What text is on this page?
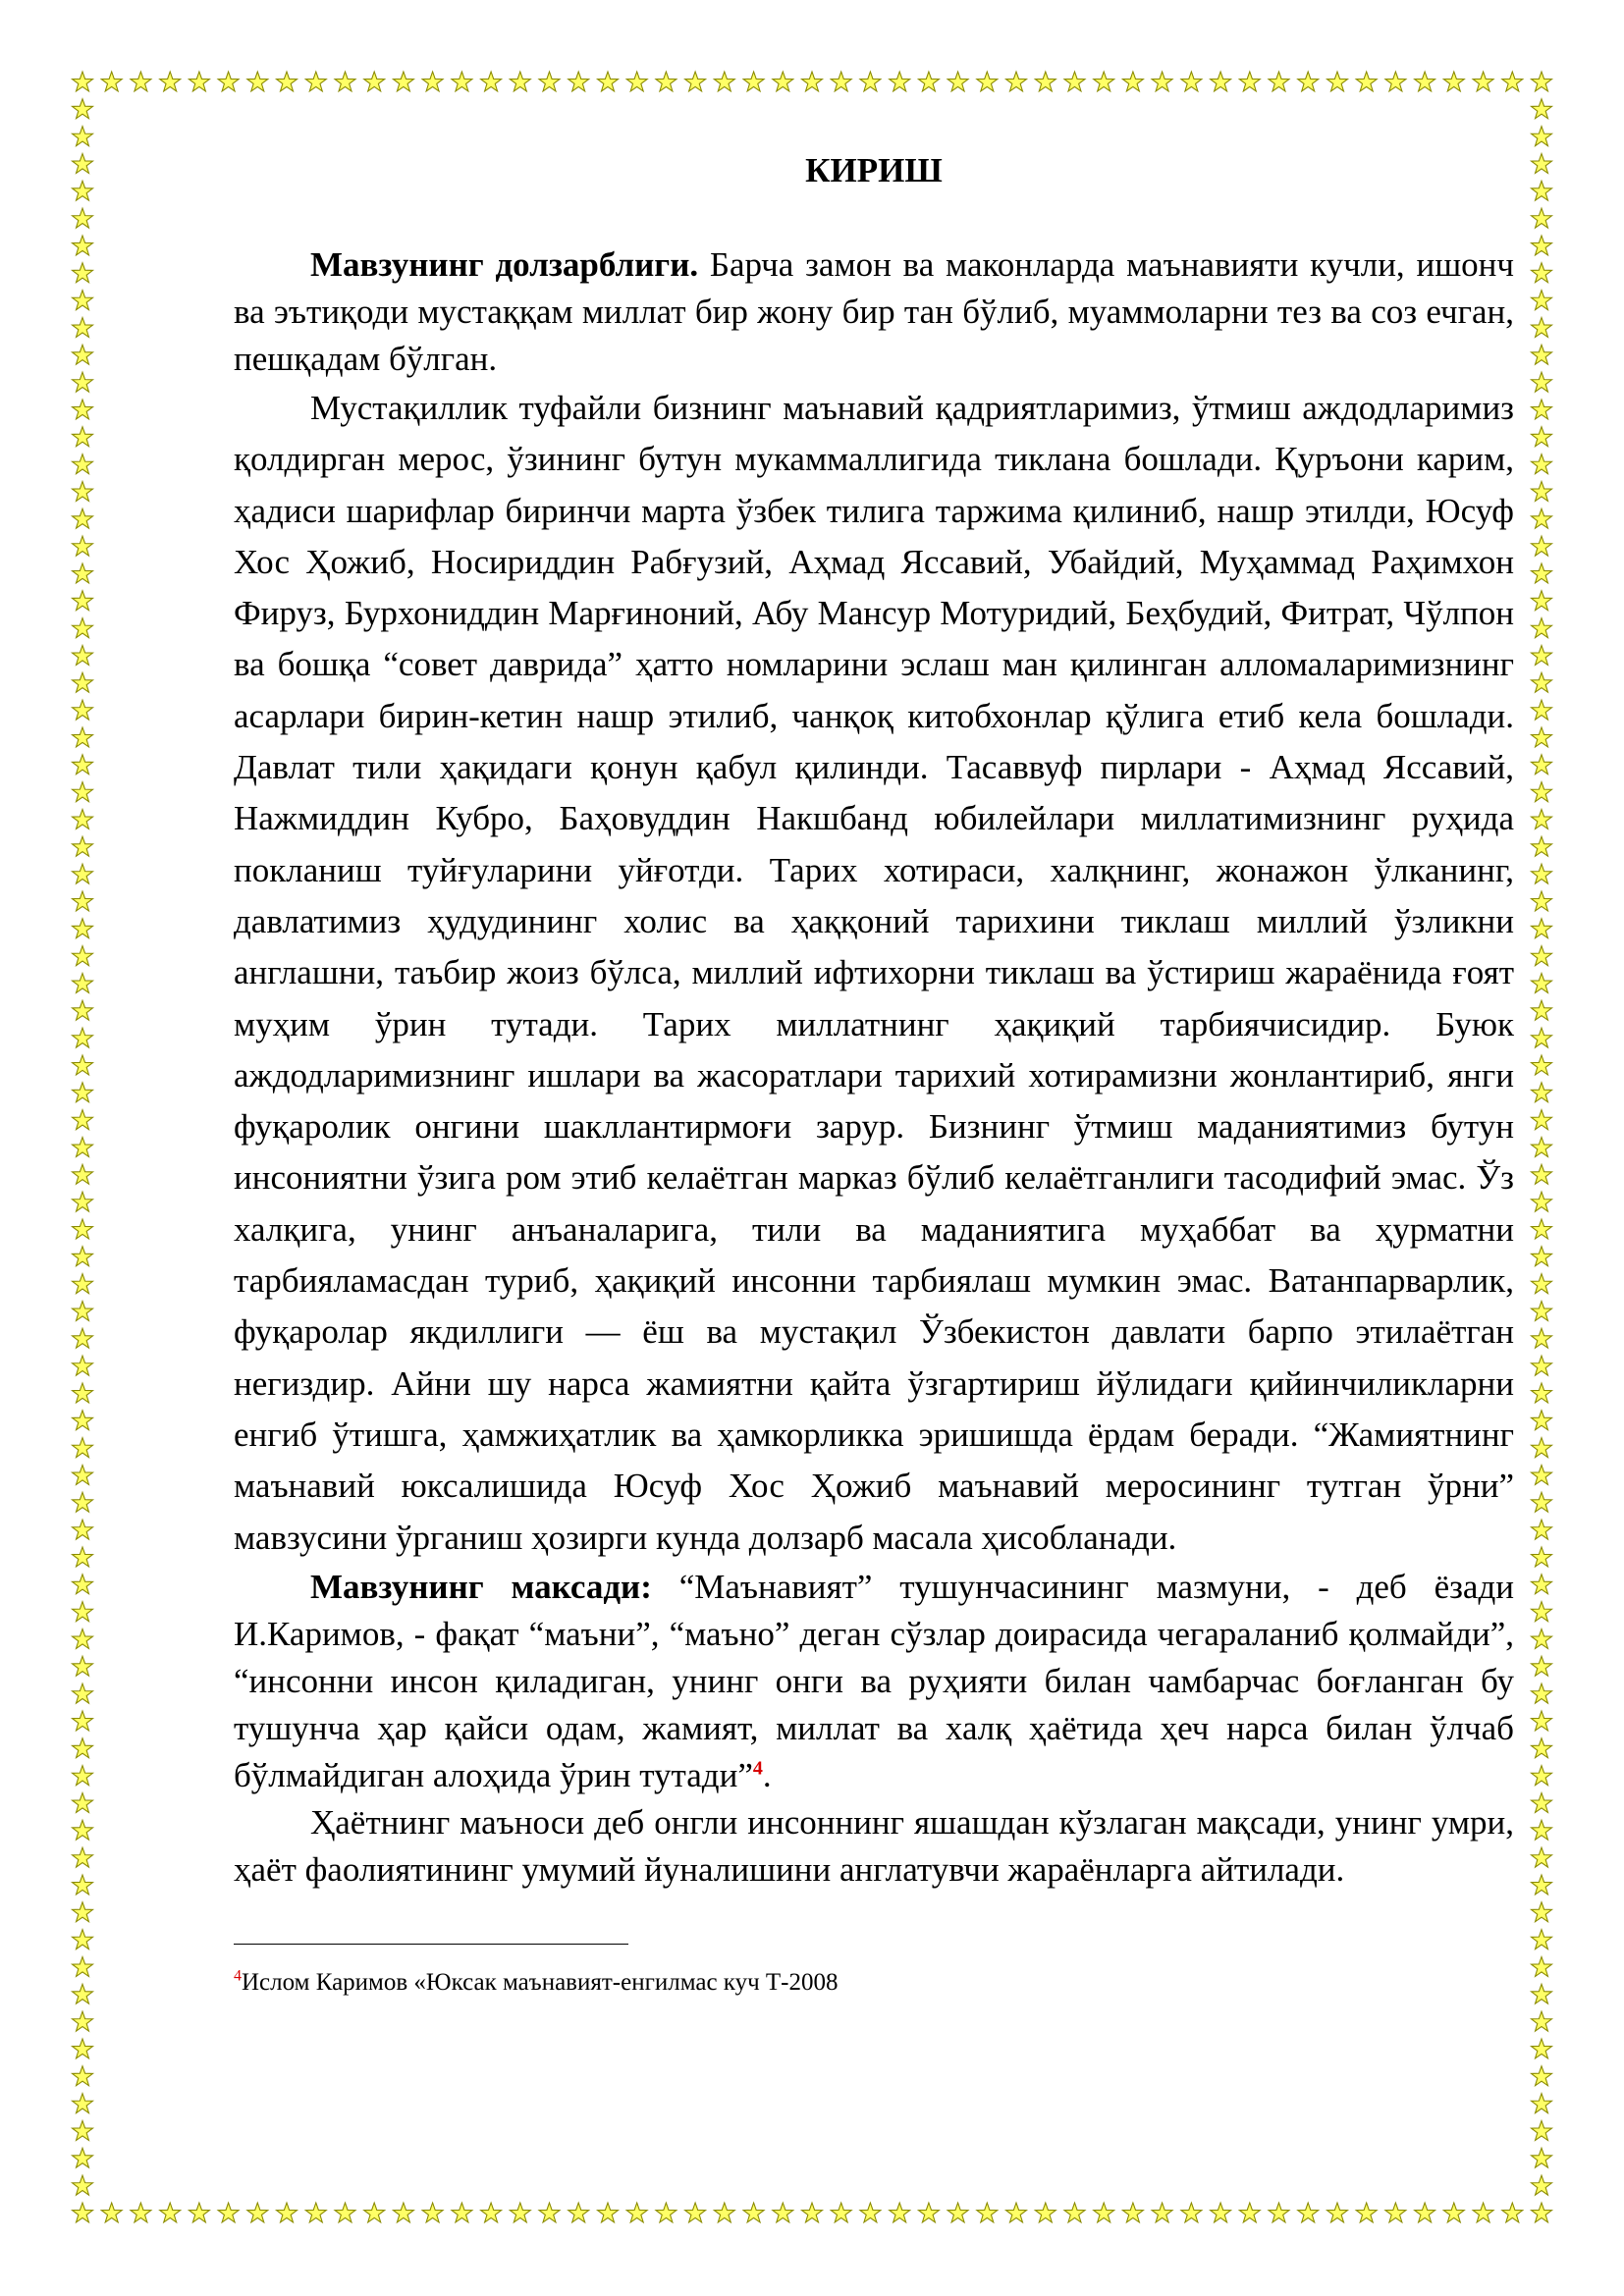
КИРИШ

Мавзунинг долзарблиги. Барча замон ва маконларда маънавияти кучли, ишонч ва эътиқоди мустаққам миллат бир жону бир тан бўлиб, муаммоларни тез ва соз ечган, пешқадам бўлган.

Мустақиллик туфайли бизнинг маънавий қадриятларимиз, ўтмиш аждодларимиз қолдирган мерос, ўзининг бутун мукаммаллигида тиклана бошлади. Қуръони карим, ҳадиси шарифлар биринчи марта ўзбек тилига таржима қилиниб, нашр этилди, Юсуф Хос Ҳожиб, Носириддин Рабғузий, Аҳмад Яссавий, Убайдий, Муҳаммад Раҳимхон Фируз, Бурхониддин Марғиноний, Абу Мансур Мотуридий, Беҳбудий, Фитрат, Чўлпон ва бошқа “совет даврида” ҳатто номларини эслаш ман қилинган алломаларимизнинг асарлари бирин-кетин нашр этилиб, чанқоқ китобхонлар қўлига етиб кела бошлади. Давлат тили ҳақидаги қонун қабул қилинди. Тасаввуф пирлари - Аҳмад Яссавий, Нажмиддин Кубро, Баҳовуддин Накшбанд юбилейлари миллатимизнинг руҳида покланиш туйғуларини уйғотди. Тарих хотираси, халқнинг, жонажон ўлканинг, давлатимиз ҳудудининг холис ва ҳаққоний тарихини тиклаш миллий ўзликни англашни, таъбир жоиз бўлса, миллий ифтихорни тиклаш ва ўстириш жараёнида ғоят муҳим ўрин тутади. Тарих миллатнинг ҳақиқий тарбиячисидир. Буюк аждодларимизнинг ишлари ва жасоратлари тарихий хотирамизни жонлантириб, янги фуқаролик онгини шакллантирмоғи зарур. Бизнинг ўтмиш маданиятимиз бутун инсониятни ўзига ром этиб келаётган марказ бўлиб келаётганлиги тасодифий эмас. Ўз халқига, унинг анъаналарига, тили ва маданиятига муҳаббат ва ҳурматни тарбияламасдан туриб, ҳақиқий инсонни тарбиялаш мумкин эмас. Ватанпарварлик, фуқаролар якдиллиги — ёш ва мустақил Ўзбекистон давлати барпо этилаётган негиздир. Айни шу нарса жамиятни қайта ўзгартириш йўлидаги қийинчиликларни енгиб ўтишга, ҳамжиҳатлик ва ҳамкорликка эришишда ёрдам беради. “Жамиятнинг маънавий юксалишида Юсуф Хос Ҳожиб маънавий меросининг тутган ўрни” мавзусини ўрганиш ҳозирги кунда долзарб масала ҳисобланади.

Мавзунинг максади: “Маънавият” тушунчасининг мазмуни, - деб ёзади И.Каримов, - фақат “маъни”, “маъно” деган сўзлар доирасида чегараланиб қолмайди”, “инсонни инсон қиладиган, унинг онги ва руҳияти билан чамбарчас боғланган бу тушунча ҳар қайси одам, жамият, миллат ва халқ ҳаётида ҳеч нарса билан ўлчаб бўлмайдиган алоҳида ўрин тутади”$^4$.

Ҳаётнинг маъноси деб онгли инсоннинг яшашдан кўзлаган мақсади, унинг умри, ҳаёт фаолиятининг умумий йуналишини англатувчи жараёнларга айтилади.

$^4$Ислом Каримов «Юксак маънавият-енгилмас куч Т-2008
